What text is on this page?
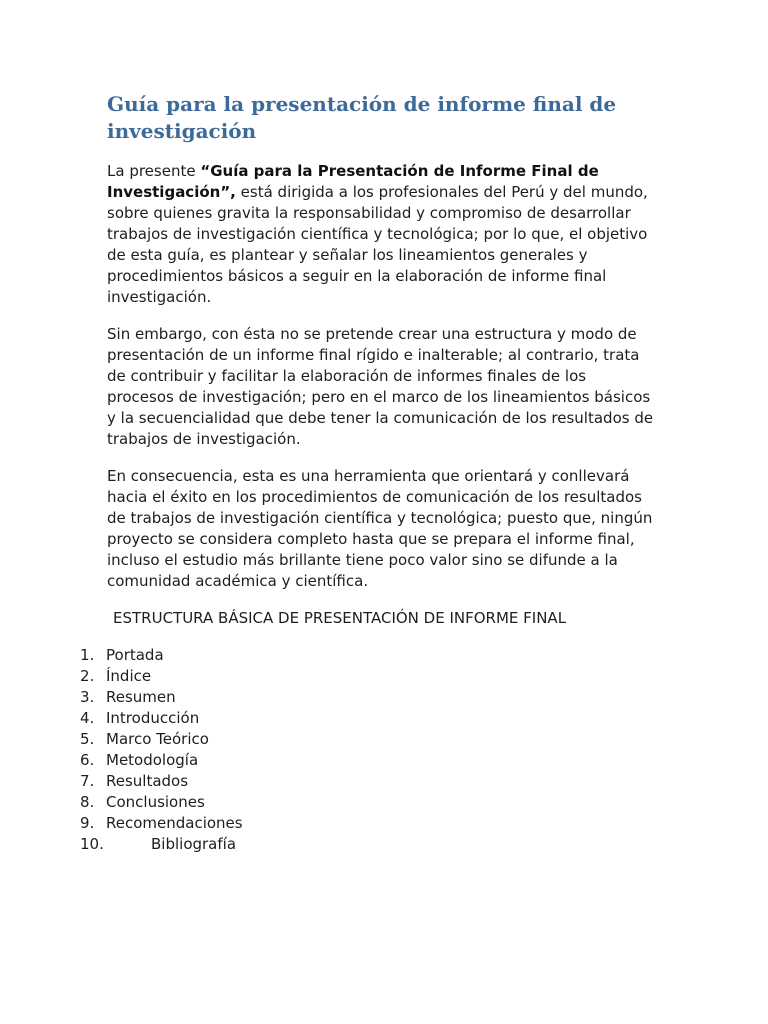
Guía para la presentación de informe final de investigación

La presente “Guía para la Presentación de Informe Final de Investigación”, está dirigida a los profesionales del Perú y del mundo, sobre quienes gravita la responsabilidad y compromiso de desarrollar trabajos de investigación científica y tecnológica; por lo que, el objetivo de esta guía, es plantear y señalar los lineamientos generales y procedimientos básicos a seguir en la elaboración de informe final investigación.

Sin embargo, con ésta no se pretende crear una estructura y modo de presentación de un informe final rígido e inalterable; al contrario, trata de contribuir y facilitar la elaboración de informes finales de los procesos de investigación; pero en el marco de los lineamientos básicos y la secuencialidad que debe tener la comunicación de los resultados de trabajos de investigación.

En consecuencia, esta es una herramienta que orientará y conllevará hacia el éxito en los procedimientos de comunicación de los resultados de trabajos de investigación científica y tecnológica; puesto que, ningún proyecto se considera completo hasta que se prepara el informe final, incluso el estudio más brillante tiene poco valor sino se difunde a la comunidad académica y científica.

ESTRUCTURA BÁSICA DE PRESENTACIÓN DE INFORME FINAL

1. Portada
2. Índice
3. Resumen
4. Introducción
5. Marco Teórico
6. Metodología
7. Resultados
8. Conclusiones
9. Recomendaciones
10.	Bibliografía
